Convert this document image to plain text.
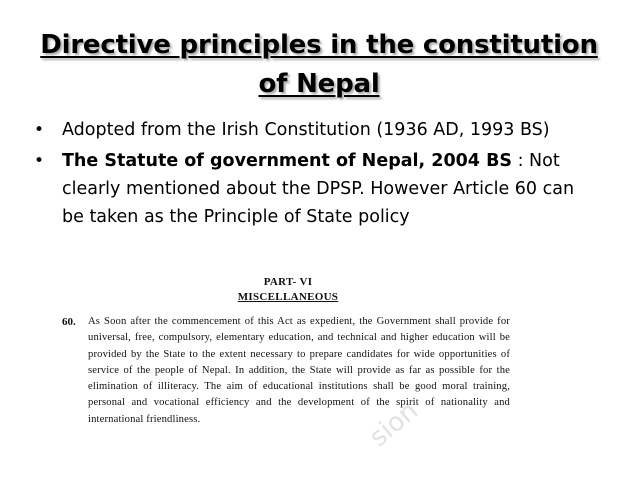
Directive principles in the constitution
of Nepal
• Adopted from the Irish Constitution (1936 AD, 1993 BS)
• The Statute of government of Nepal, 2004 BS : Not clearly mentioned about the DPSP. However Article 60 can be taken as the Principle of State policy
PART- VI
MISCELLANEOUS
60. As Soon after the commencement of this Act as expedient, the Government shall provide for universal, free, compulsory, elementary education, and technical and higher education will be provided by the State to the extent necessary to prepare candidates for wide opportunities of service of the people of Nepal. In addition, the State will provide as far as possible for the elimination of illiteracy. The aim of educational institutions shall be good moral training, personal and vocational efficiency and the development of the spirit of nationality and international friendliness.	sion
